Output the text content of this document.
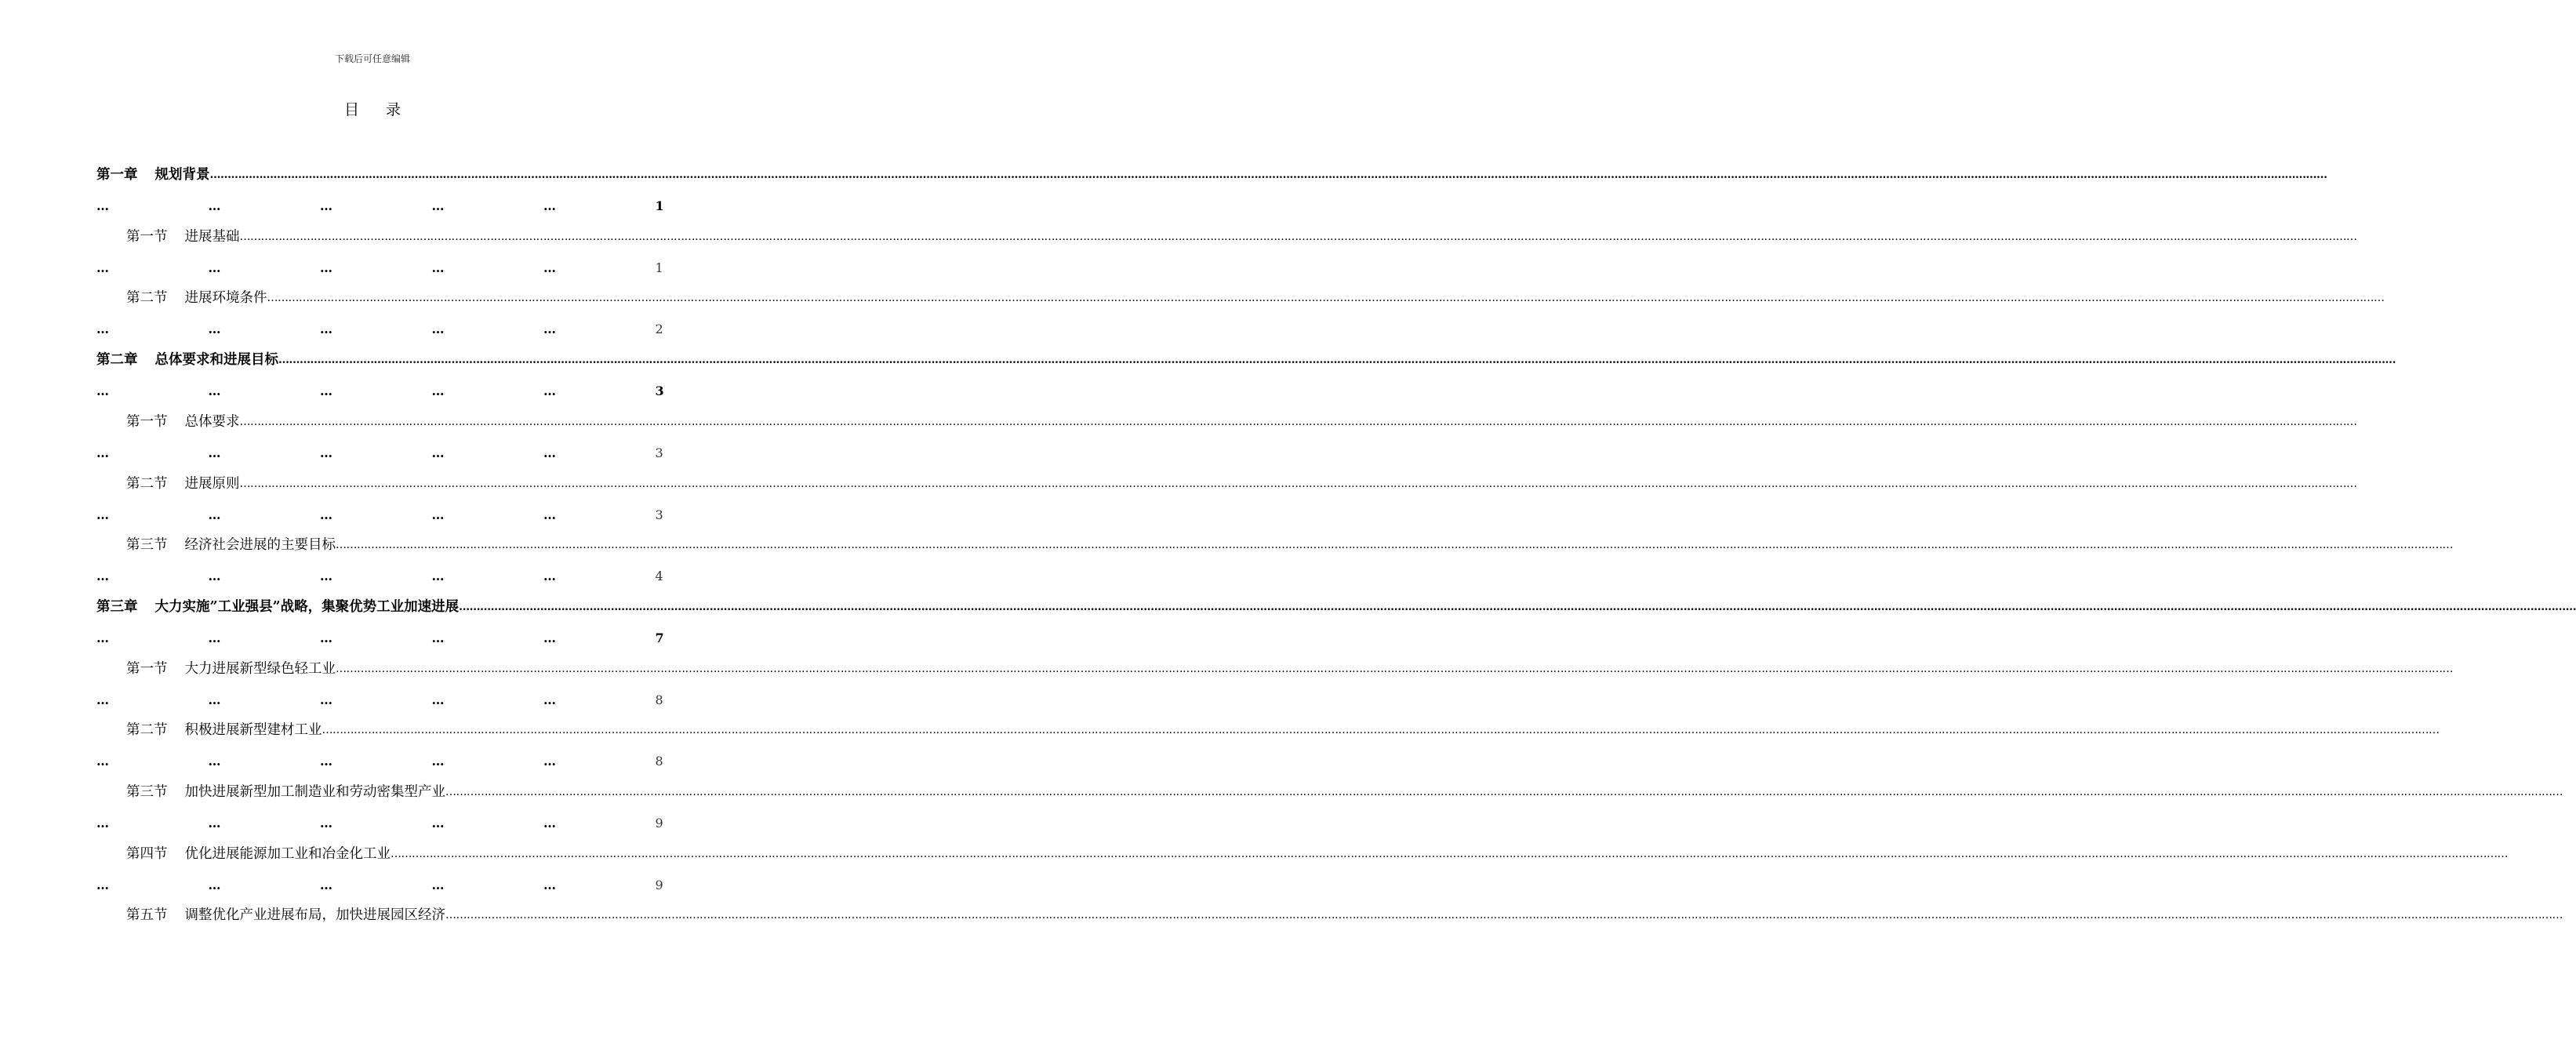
下载后可任意编辑
目录
第一章 规划背景 ……………………………………………………………………………………………………………………………………………………………………………………………………………………………………………………………………………………………………………………………………………………………………………………………………………………………………………………………………………………………………………………………………………………
…	…	…	…	…	1
第一节 进展基础 ……………………………………………………………………………………………………………………………………………………………………………………………………………………………………………………………………………………………………………………………………………………………………………………………………………………………………………………………………………………………………………………………………………………
…	…	…	…	…	1
第二节 进展环境条件 ……………………………………………………………………………………………………………………………………………………………………………………………………………………………………………………………………………………………………………………………………………………………………………………………………………………………………………………………………………………………………………………………………………………
…	…	…	…	…	2
第二章 总体要求和进展目标 ……………………………………………………………………………………………………………………………………………………………………………………………………………………………………………………………………………………………………………………………………………………………………………………………………………………………………………………………………………………………………………………………………………………
…	…	…	…	…	3
第一节 总体要求 ……………………………………………………………………………………………………………………………………………………………………………………………………………………………………………………………………………………………………………………………………………………………………………………………………………………………………………………………………………………………………………………………………………………
…	…	…	…	…	3
第二节 进展原则 ……………………………………………………………………………………………………………………………………………………………………………………………………………………………………………………………………………………………………………………………………………………………………………………………………………………………………………………………………………………………………………………………………………………
…	…	…	…	…	3
第三节 经济社会进展的主要目标 ……………………………………………………………………………………………………………………………………………………………………………………………………………………………………………………………………………………………………………………………………………………………………………………………………………………………………………………………………………………………………………………………………………………
…	…	…	…	…	4
第三章 大力实施”工业强县”战略，集聚优势工业加速进展 ……………………………………………………………………………………………………………………………………………………………………………………………………………………………………………………………………………………………………………………………………………………………………………………………………………………………………………………………………………………………………………………………………………………
…	…	…	…	…	7
第一节 大力进展新型绿色轻工业 ……………………………………………………………………………………………………………………………………………………………………………………………………………………………………………………………………………………………………………………………………………………………………………………………………………………………………………………………………………………………………………………………………………………
…	…	…	…	…	8
第二节 积极进展新型建材工业 ……………………………………………………………………………………………………………………………………………………………………………………………………………………………………………………………………………………………………………………………………………………………………………………………………………………………………………………………………………………………………………………………………………………
…	…	…	…	…	8
第三节 加快进展新型加工制造业和劳动密集型产业 ……………………………………………………………………………………………………………………………………………………………………………………………………………………………………………………………………………………………………………………………………………………………………………………………………………………………………………………………………………………………………………………………………………………
…	…	…	…	…	9
第四节 优化进展能源加工业和冶金化工业 ……………………………………………………………………………………………………………………………………………………………………………………………………………………………………………………………………………………………………………………………………………………………………………………………………………………………………………………………………………………………………………………………………………………
…	…	…	…	…	9
第五节 调整优化产业进展布局，加快进展园区经济 ……………………………………………………………………………………………………………………………………………………………………………………………………………………………………………………………………………………………………………………………………………………………………………………………………………………………………………………………………………………………………………………………………………………
